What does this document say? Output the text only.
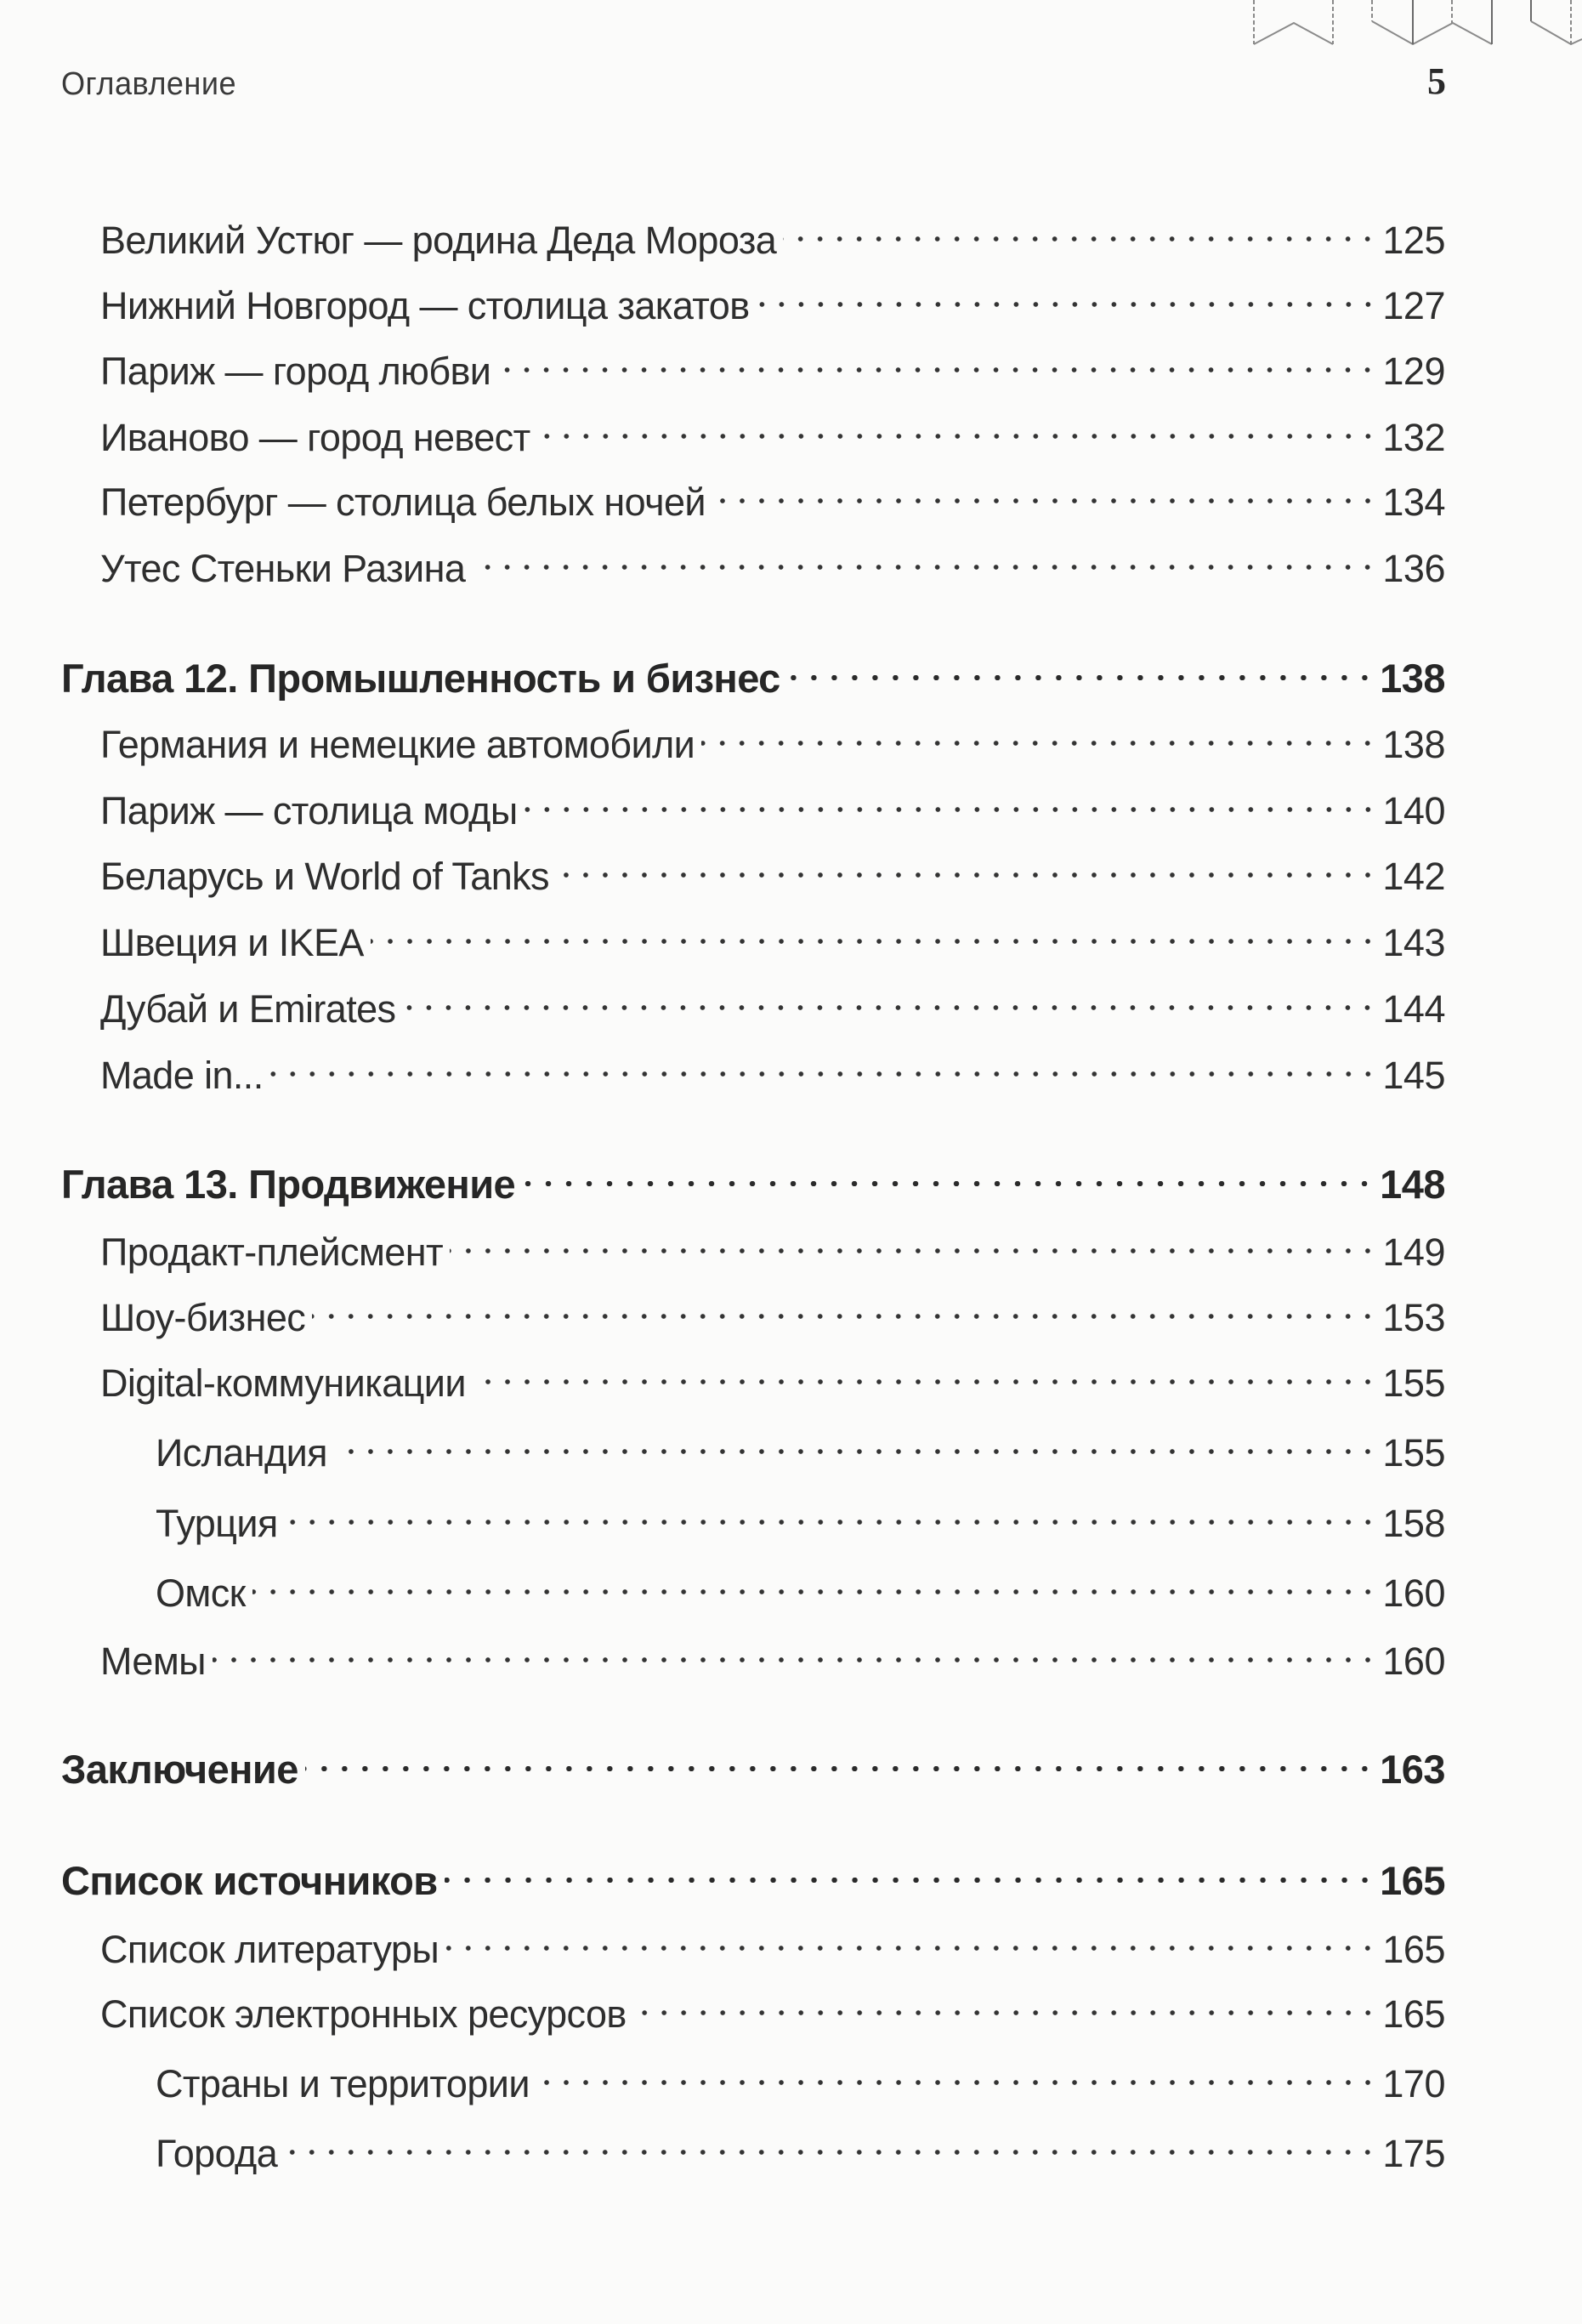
Оглавление	5
Великий Устюг — родина Деда Мороза	125
Нижний Новгород — столица закатов	127
Париж — город любви	129
Иваново — город невест	132
Петербург — столица белых ночей	134
Утес Стеньки Разина	136
Глава 12. Промышленность и бизнес	138
Германия и немецкие автомобили	138
Париж — столица моды	140
Беларусь и World of Tanks	142
Швеция и IKEA	143
Дубай и Emirates	144
Made in...	145
Глава 13. Продвижение	148
Продакт-плейсмент	149
Шоу-бизнес	153
Digital-коммуникации	155
Исландия	155
Турция	158
Омск	160
Мемы	160
Заключение	163
Список источников	165
Список литературы	165
Список электронных ресурсов	165
Страны и территории	170
Города	175
